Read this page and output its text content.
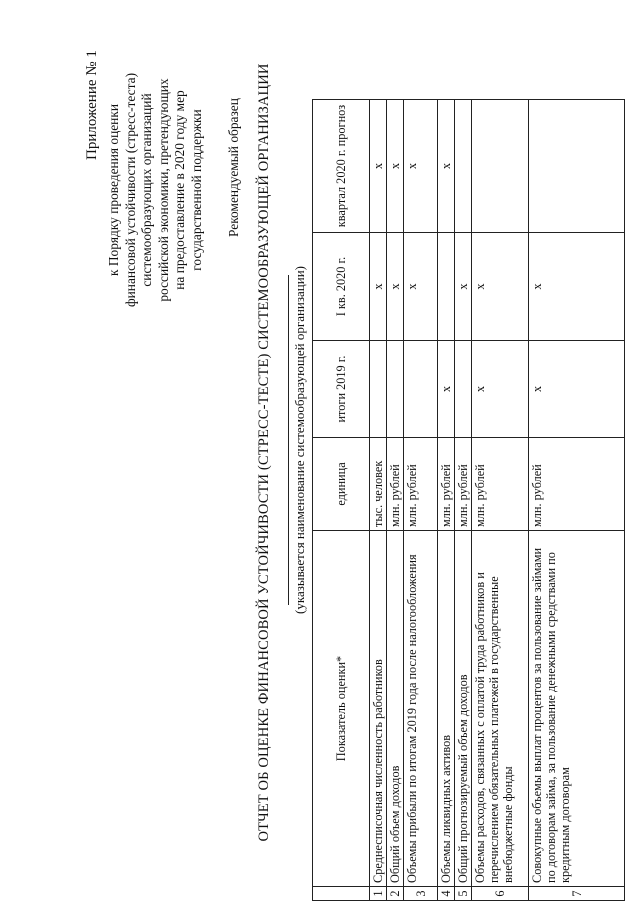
Приложение № 1 к Порядку проведения оценки финансовой устойчивости (стресс-теста) системообразующих организаций российской экономики, претендующих на предоставление в 2020 году мер государственной поддержки Рекомендуемый образец ОТЧЕТ ОБ ОЦЕНКЕ ФИНАНСОВОЙ УСТОЙЧИВОСТИ (СТРЕСС-ТЕСТЕ) СИСТЕМООБРАЗУЮЩЕЙ ОРГАНИЗАЦИИ (указывается наименование системообразующей организации)
	Показатель оценки*	единица	итоги 2019 г.	I кв. 2020 г.	квартал 2020 г. прогноз
1	Среднесписочная численность работников	тыс. человек		x	x
2	Общий объем доходов	млн. рублей		x	x
3	Объемы прибыли по итогам 2019 года после налогообложения	млн. рублей		x	x
4	Объемы ликвидных активов	млн. рублей	x		x
5	Общий прогнозируемый объем доходов	млн. рублей		x	
6	Объемы расходов, связанных с оплатой труда работников и перечислением обязательных платежей в государственные внебюджетные фонды	млн. рублей	x	x	
7	Совокупные объемы выплат процентов за пользование займами по договорам займа, за пользование денежными средствами по кредитным договорам	млн. рублей	x	x	
